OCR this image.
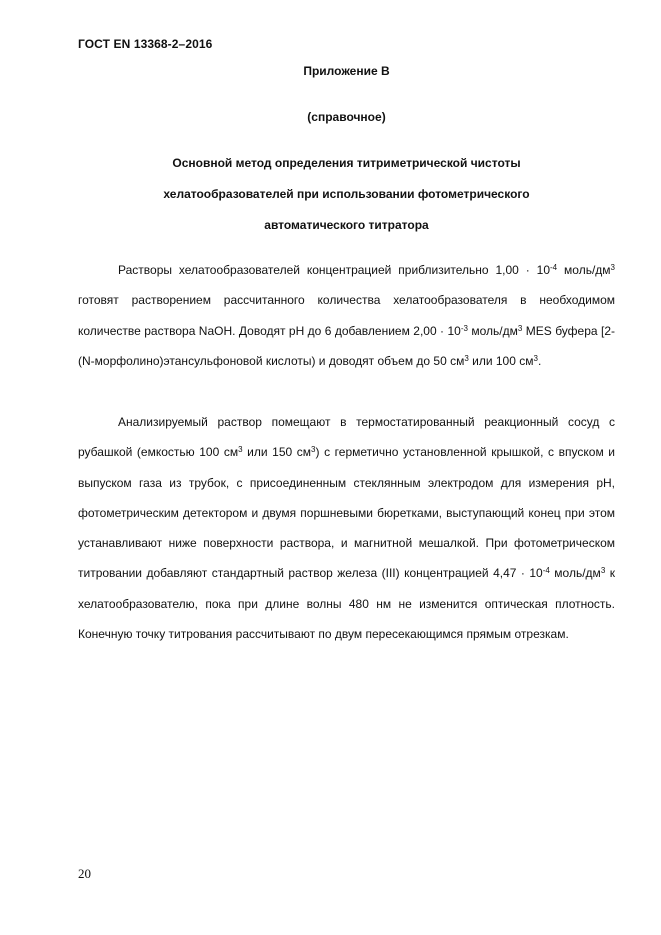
ГОСТ EN 13368-2–2016
Приложение В
(справочное)
Основной метод определения титриметрической чистоты
хелатообразователей при использовании фотометрического
автоматического титратора

Растворы хелатообразователей концентрацией приблизительно $1,00 \cdot 10^{-4}$ моль/$дм^3$ готовят растворением рассчитанного количества хелатообразователя в необходимом количестве раствора NaOH. Доводят pH до 6 добавлением $2,00 \cdot 10^{-3}$ моль/$дм^3$ MES буфера [2-(N-морфолино)этансульфоновой кислоты) и доводят объем до 50 $см^3$ или 100 $см^3$.

Анализируемый раствор помещают в термостатированный реакционный сосуд с рубашкой (емкостью 100 $см^3$ или 150 $см^3$) с герметично установленной крышкой, с впуском и выпуском газа из трубок, с присоединенным стеклянным электродом для измерения pH, фотометрическим детектором и двумя поршневыми бюретками, выступающий конец при этом устанавливают ниже поверхности раствора, и магнитной мешалкой. При фотометрическом титровании добавляют стандартный раствор железа (III) концентрацией $4,47 \cdot 10^{-4}$ моль/$дм^3$ к хелатообразователю, пока при длине волны 480 нм не изменится оптическая плотность. Конечную точку титрования рассчитывают по двум пересекающимся прямым отрезкам.

20
